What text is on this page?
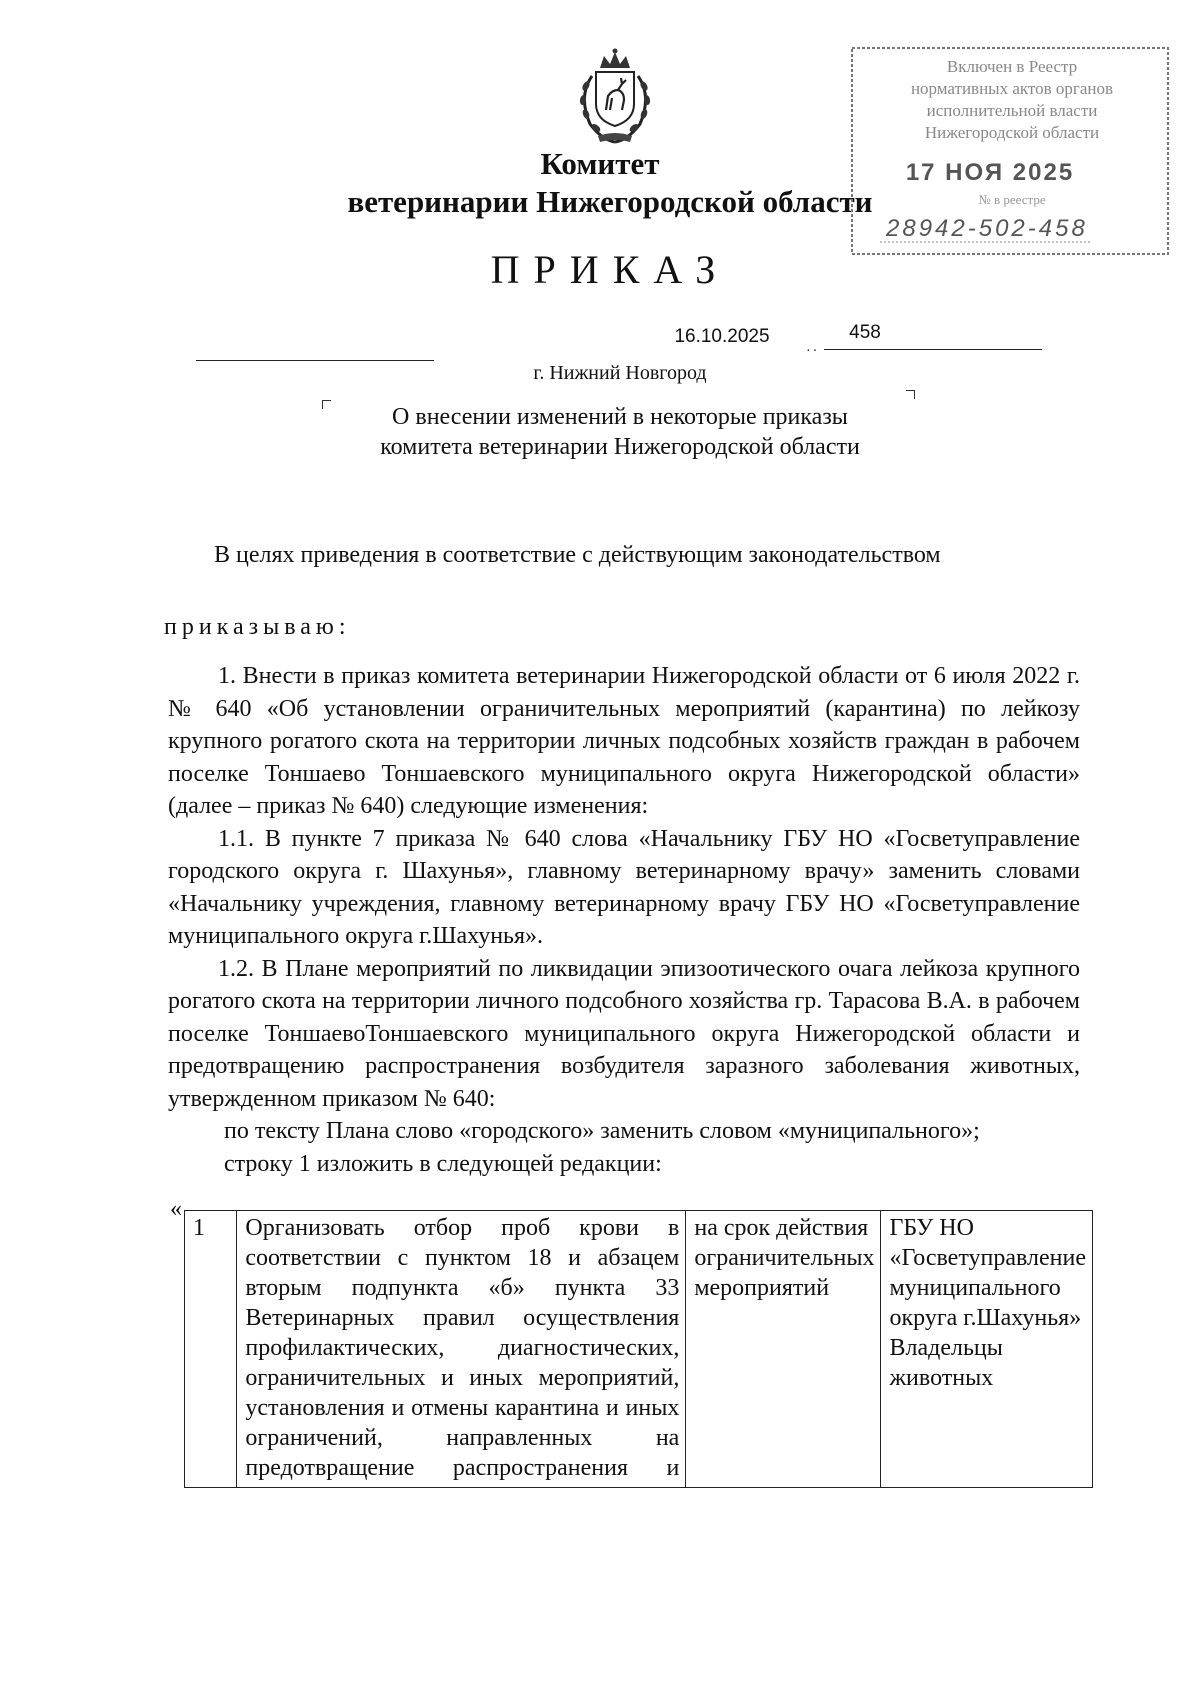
Комитет
ветеринарии Нижегородской области
Включен в Реестр
нормативных актов органов
исполнительной власти
Нижегородской области
17 НОЯ 2025
№ в реестре
28942-502-458
ПРИКАЗ
16.10.2025
··
458
г. Нижний Новгород
О внесении изменений в некоторые приказы
комитета ветеринарии Нижегородской области
В целях приведения в соответствие с действующим законодательством
приказываю:

1. Внести в приказ комитета ветеринарии Нижегородской области от 6 июля 2022 г. № 640 «Об установлении ограничительных мероприятий (карантина) по лейкозу крупного рогатого скота на территории личных подсобных хозяйств граждан в рабочем поселке Тоншаево Тоншаевского муниципального округа Нижегородской области» (далее – приказ № 640) следующие изменения:

1.1. В пункте 7 приказа № 640 слова «Начальнику ГБУ НО «Госветуправление городского округа г. Шахунья», главному ветеринарному врачу» заменить словами «Начальнику учреждения, главному ветеринарному врачу ГБУ НО «Госветуправление муниципального округа г.Шахунья».

1.2. В Плане мероприятий по ликвидации эпизоотического очага лейкоза крупного рогатого скота на территории личного подсобного хозяйства гр. Тарасова В.А. в рабочем поселке ТоншаевоТоншаевского муниципального округа Нижегородской области и предотвращению распространения возбудителя заразного заболевания животных, утвержденном приказом № 640:

по тексту Плана слово «городского» заменить словом «муниципального»;

строку 1 изложить в следующей редакции:

«
1	Организовать отбор проб крови в соответствии с пунктом 18 и абзацем вторым подпункта «б» пункта 33 Ветеринарных правил осуществления профилактических, диагностических, ограничительных и иных мероприятий, установления и отмены карантина и иных ограничений, направленных на предотвращение распространения и	на срок действия ограничительных мероприятий	ГБУ НО «Госветуправление муниципального округа г.Шахунья» Владельцы животных
